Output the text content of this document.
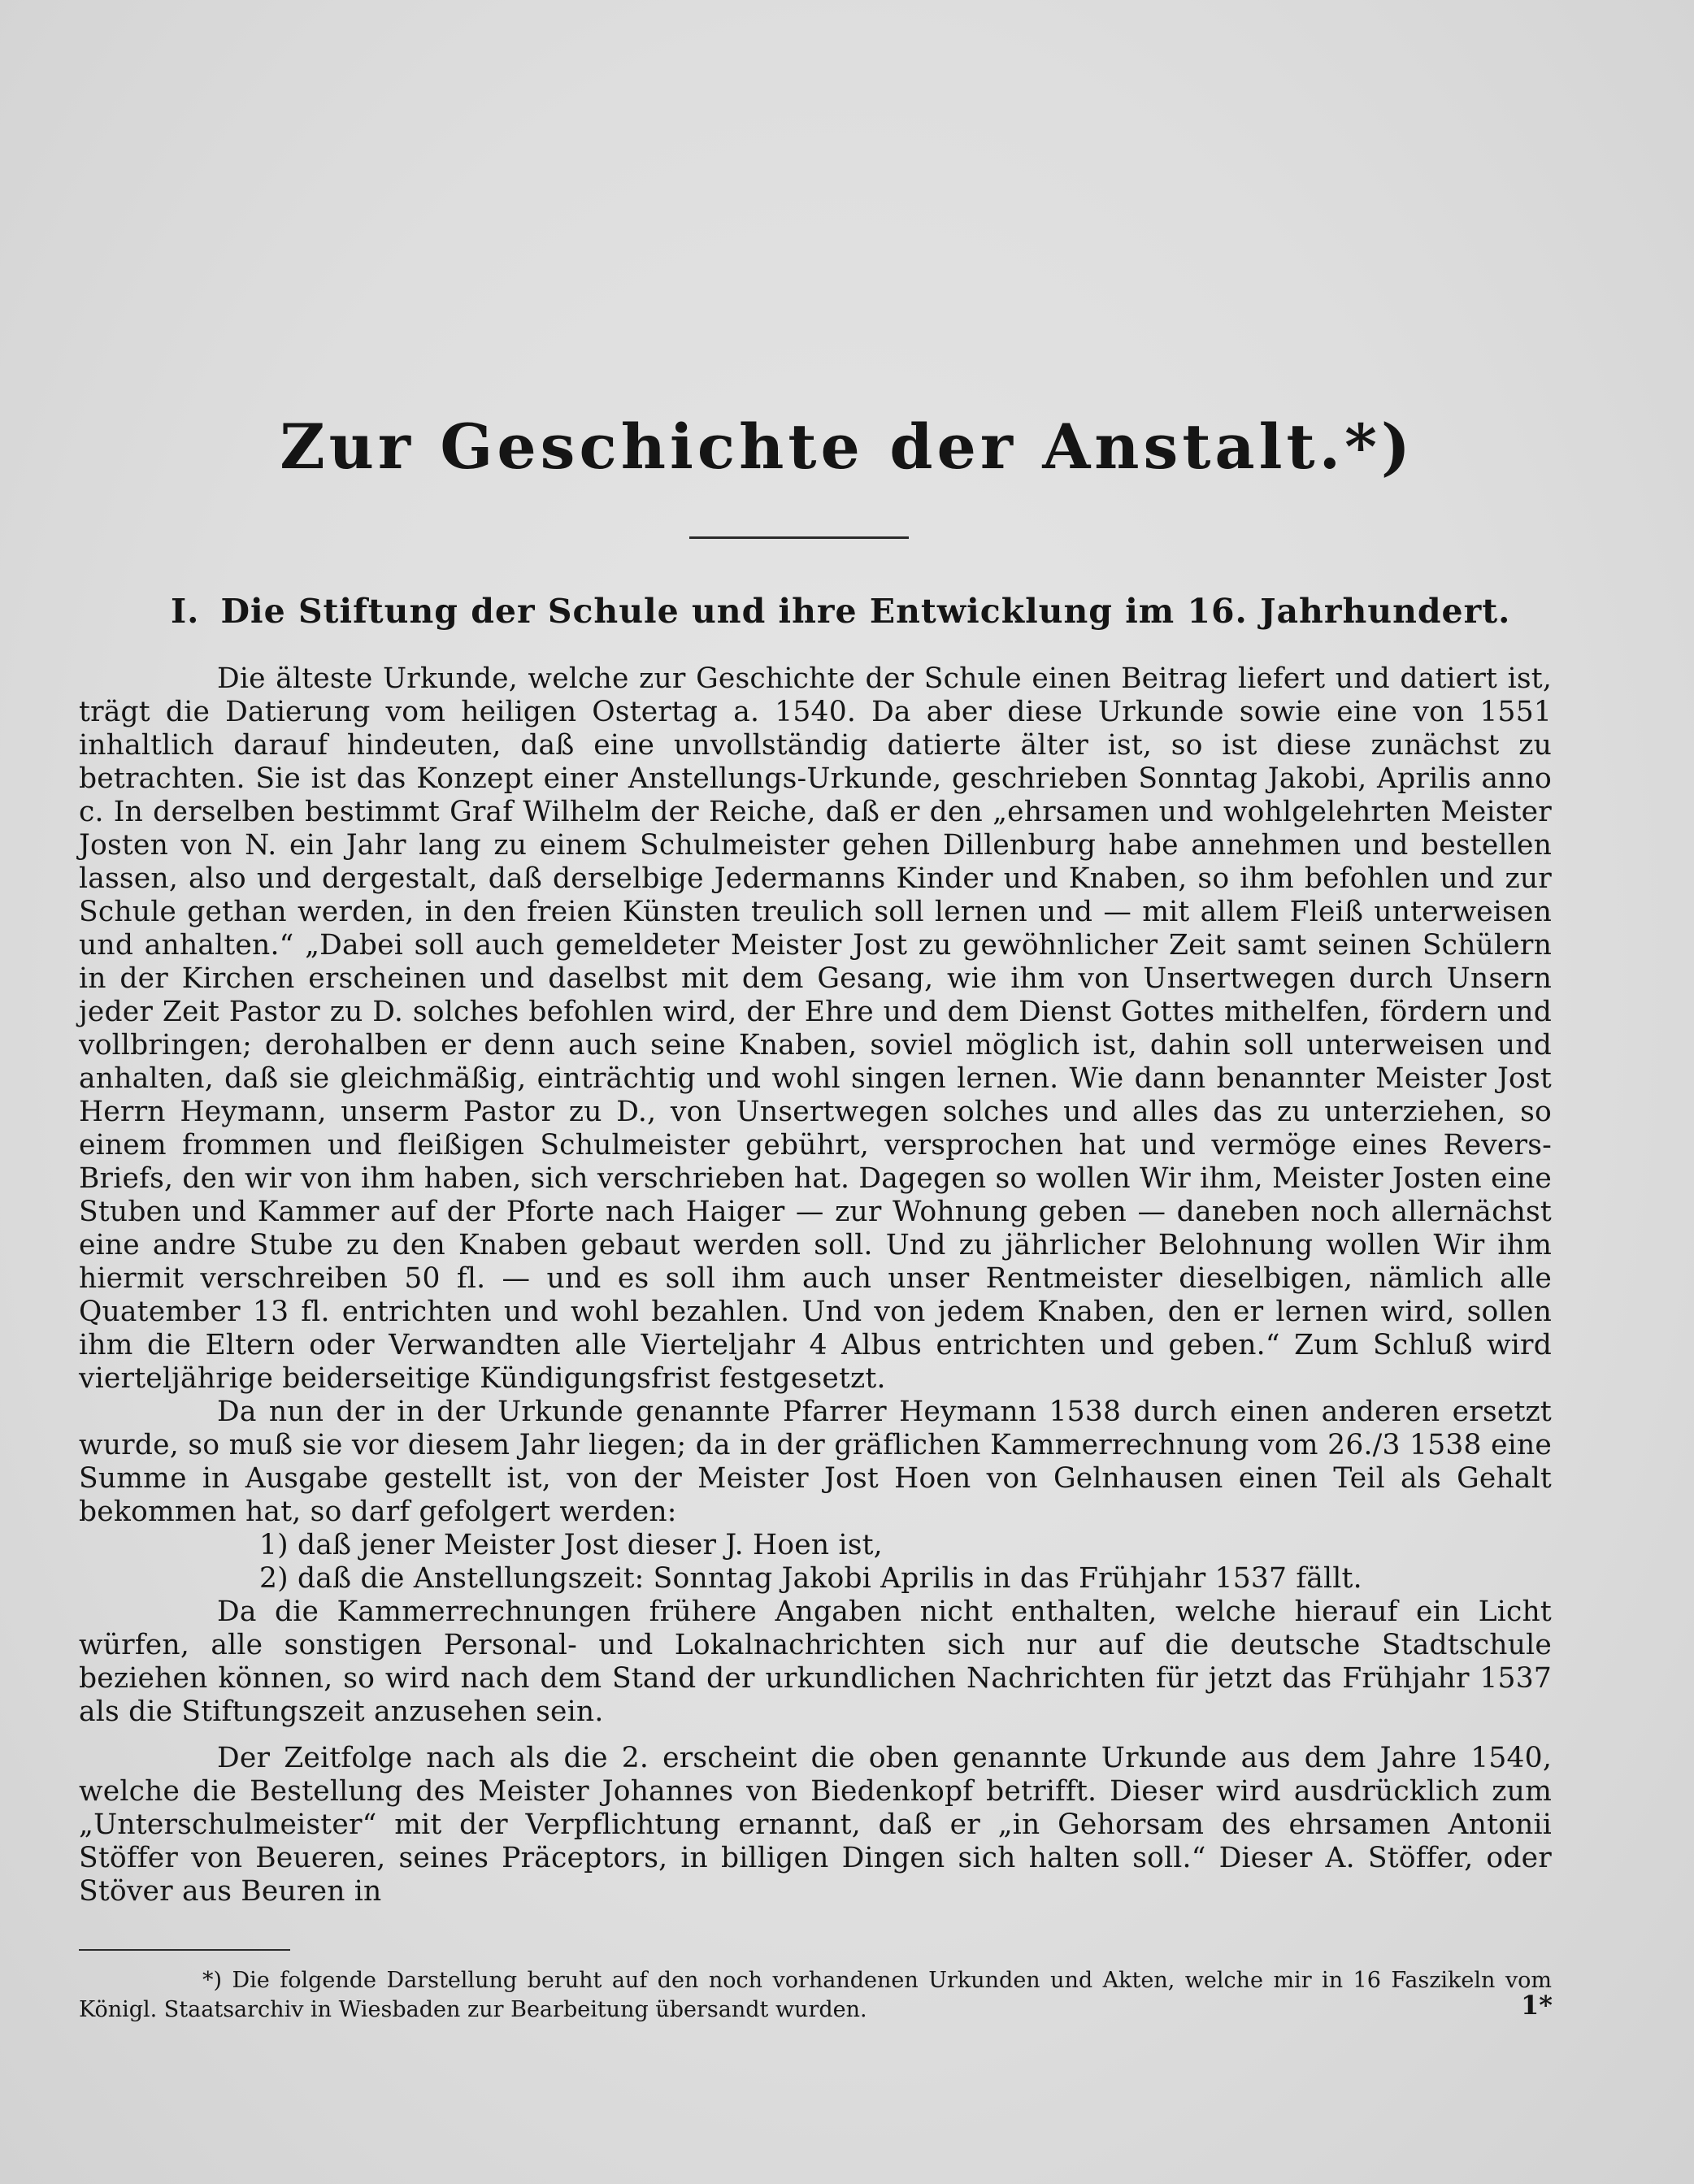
Zur Geschichte der Anstalt.*)
I. Die Stiftung der Schule und ihre Entwicklung im 16. Jahrhundert.

Die älteste Urkunde, welche zur Geschichte der Schule einen Beitrag liefert und datiert ist, trägt die Datierung vom heiligen Ostertag a. 1540. Da aber diese Urkunde sowie eine von 1551 inhaltlich darauf hindeuten, daß eine unvollständig datierte älter ist, so ist diese zunächst zu betrachten. Sie ist das Konzept einer Anstellungs-Urkunde, geschrieben Sonntag Jakobi, Aprilis anno c. In derselben bestimmt Graf Wilhelm der Reiche, daß er den „ehrsamen und wohlgelehrten Meister Josten von N. ein Jahr lang zu einem Schulmeister gehen Dillenburg habe annehmen und bestellen lassen, also und dergestalt, daß derselbige Jedermanns Kinder und Knaben, so ihm befohlen und zur Schule gethan werden, in den freien Künsten treulich soll lernen und — mit allem Fleiß unterweisen und anhalten.“ „Dabei soll auch gemeldeter Meister Jost zu gewöhnlicher Zeit samt seinen Schülern in der Kirchen erscheinen und daselbst mit dem Gesang, wie ihm von Unsertwegen durch Unsern jeder Zeit Pastor zu D. solches befohlen wird, der Ehre und dem Dienst Gottes mithelfen, fördern und vollbringen; derohalben er denn auch seine Knaben, soviel möglich ist, dahin soll unterweisen und anhalten, daß sie gleichmäßig, einträchtig und wohl singen lernen. Wie dann benannter Meister Jost Herrn Heymann, unserm Pastor zu D., von Unsertwegen solches und alles das zu unterziehen, so einem frommen und fleißigen Schulmeister gebührt, versprochen hat und vermöge eines Revers-Briefs, den wir von ihm haben, sich verschrieben hat. Dagegen so wollen Wir ihm, Meister Josten eine Stuben und Kammer auf der Pforte nach Haiger — zur Wohnung geben — daneben noch allernächst eine andre Stube zu den Knaben gebaut werden soll. Und zu jährlicher Belohnung wollen Wir ihm hiermit verschreiben 50 fl. — und es soll ihm auch unser Rentmeister dieselbigen, nämlich alle Quatember 13 fl. entrichten und wohl bezahlen. Und von jedem Knaben, den er lernen wird, sollen ihm die Eltern oder Verwandten alle Vierteljahr 4 Albus entrichten und geben.“ Zum Schluß wird vierteljährige beiderseitige Kündigungsfrist festgesetzt.

Da nun der in der Urkunde genannte Pfarrer Heymann 1538 durch einen anderen ersetzt wurde, so muß sie vor diesem Jahr liegen; da in der gräflichen Kammerrechnung vom 26./3 1538 eine Summe in Ausgabe gestellt ist, von der Meister Jost Hoen von Gelnhausen einen Teil als Gehalt bekommen hat, so darf gefolgert werden:

1) daß jener Meister Jost dieser J. Hoen ist,

2) daß die Anstellungszeit: Sonntag Jakobi Aprilis in das Frühjahr 1537 fällt.

Da die Kammerrechnungen frühere Angaben nicht enthalten, welche hierauf ein Licht würfen, alle sonstigen Personal- und Lokalnachrichten sich nur auf die deutsche Stadtschule beziehen können, so wird nach dem Stand der urkundlichen Nachrichten für jetzt das Frühjahr 1537 als die Stiftungszeit anzusehen sein.

Der Zeitfolge nach als die 2. erscheint die oben genannte Urkunde aus dem Jahre 1540, welche die Bestellung des Meister Johannes von Biedenkopf betrifft. Dieser wird ausdrücklich zum „Unterschulmeister“ mit der Verpflichtung ernannt, daß er „in Gehorsam des ehrsamen Antonii Stöffer von Beueren, seines Präceptors, in billigen Dingen sich halten soll.“ Dieser A. Stöffer, oder Stöver aus Beuren in

*) Die folgende Darstellung beruht auf den noch vorhandenen Urkunden und Akten, welche mir in 16 Faszikeln vom Königl. Staatsarchiv in Wiesbaden zur Bearbeitung übersandt wurden.	1*
